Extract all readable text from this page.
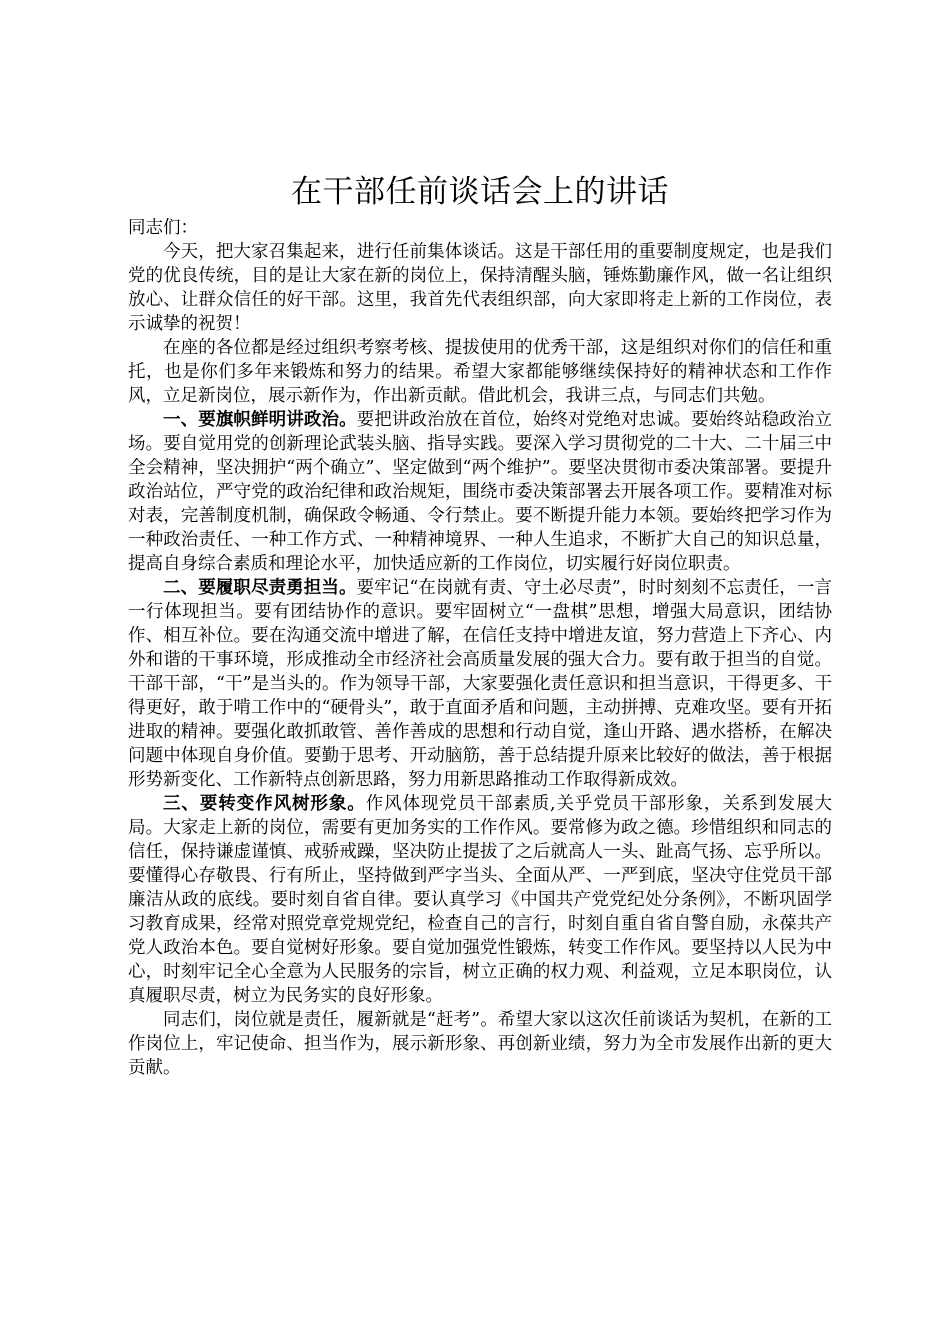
在干部任前谈话会上的讲话

同志们：

今天，把大家召集起来，进行任前集体谈话。这是干部任用的重要制度规定，也是我们党的优良传统，目的是让大家在新的岗位上，保持清醒头脑，锤炼勤廉作风，做一名让组织放心、让群众信任的好干部。这里，我首先代表组织部，向大家即将走上新的工作岗位，表示诚挚的祝贺！

在座的各位都是经过组织考察考核、提拔使用的优秀干部，这是组织对你们的信任和重托，也是你们多年来锻炼和努力的结果。希望大家都能够继续保持好的精神状态和工作作风，立足新岗位，展示新作为，作出新贡献。借此机会，我讲三点，与同志们共勉。

一、要旗帜鲜明讲政治。要把讲政治放在首位，始终对党绝对忠诚。要始终站稳政治立场。要自觉用党的创新理论武装头脑、指导实践。要深入学习贯彻党的二十大、二十届三中全会精神，坚决拥护“两个确立”、坚定做到“两个维护”。要坚决贯彻市委决策部署。要提升政治站位，严守党的政治纪律和政治规矩，围绕市委决策部署去开展各项工作。要精准对标对表，完善制度机制，确保政令畅通、令行禁止。要不断提升能力本领。要始终把学习作为一种政治责任、一种工作方式、一种精神境界、一种人生追求，不断扩大自己的知识总量，提高自身综合素质和理论水平，加快适应新的工作岗位，切实履行好岗位职责。

二、要履职尽责勇担当。要牢记“在岗就有责、守土必尽责”，时时刻刻不忘责任，一言一行体现担当。要有团结协作的意识。要牢固树立“一盘棋”思想，增强大局意识，团结协作、相互补位。要在沟通交流中增进了解，在信任支持中增进友谊，努力营造上下齐心、内外和谐的干事环境，形成推动全市经济社会高质量发展的强大合力。要有敢于担当的自觉。干部干部，“干”是当头的。作为领导干部，大家要强化责任意识和担当意识，干得更多、干得更好，敢于啃工作中的“硬骨头”，敢于直面矛盾和问题，主动拼搏、克难攻坚。要有开拓进取的精神。要强化敢抓敢管、善作善成的思想和行动自觉，逢山开路、遇水搭桥，在解决问题中体现自身价值。要勤于思考、开动脑筋，善于总结提升原来比较好的做法，善于根据形势新变化、工作新特点创新思路，努力用新思路推动工作取得新成效。

三、要转变作风树形象。作风体现党员干部素质,关乎党员干部形象，关系到发展大局。大家走上新的岗位，需要有更加务实的工作作风。要常修为政之德。珍惜组织和同志的信任，保持谦虚谨慎、戒骄戒躁，坚决防止提拔了之后就高人一头、趾高气扬、忘乎所以。要懂得心存敬畏、行有所止，坚持做到严字当头、全面从严、一严到底，坚决守住党员干部廉洁从政的底线。要时刻自省自律。要认真学习《中国共产党党纪处分条例》，不断巩固学习教育成果，经常对照党章党规党纪，检查自己的言行，时刻自重自省自警自励，永葆共产党人政治本色。要自觉树好形象。要自觉加强党性锻炼，转变工作作风。要坚持以人民为中心，时刻牢记全心全意为人民服务的宗旨，树立正确的权力观、利益观，立足本职岗位，认真履职尽责，树立为民务实的良好形象。

同志们，岗位就是责任，履新就是“赶考”。希望大家以这次任前谈话为契机，在新的工作岗位上，牢记使命、担当作为，展示新形象、再创新业绩，努力为全市发展作出新的更大贡献。
